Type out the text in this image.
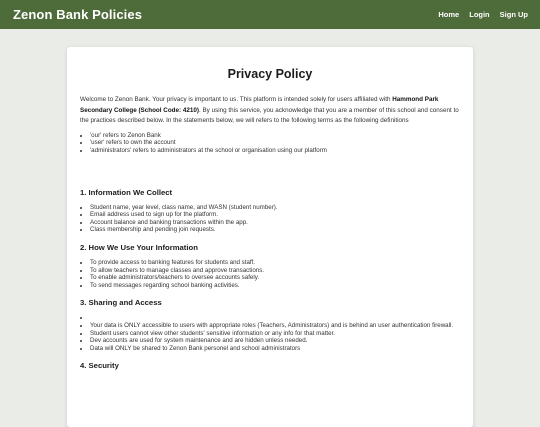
Zenon Bank Policies	Home Login Sign Up
Privacy Policy

Welcome to Zenon Bank. Your privacy is important to us. This platform is intended solely for users affiliated with Hammond Park Secondary College (School Code: 4210). By using this service, you acknowledge that you are a member of this school and consent to the practices described below. In the statements below, we will refers to the following terms as the following definitions

• 'our' refers to Zenon Bank
• 'user' refers to own the account
• 'administrators' refers to administrators at the school or organisation using our platform
1. Information We Collect
• Student name, year level, class name, and WASN (student number).
• Email address used to sign up for the platform.
• Account balance and banking transactions within the app.
• Class membership and pending join requests.
2. How We Use Your Information
• To provide access to banking features for students and staff.
• To allow teachers to manage classes and approve transactions.
• To enable administrators/teachers to oversee accounts safely.
• To send messages regarding school banking activities.
3. Sharing and Access
•
• Your data is ONLY accessible to users with appropriate roles (Teachers, Administrators) and is behind an user authentication firewall.
• Student users cannot view other students' sensitive information or any info for that matter.
• Dev accounts are used for system maintenance and are hidden unless needed.
• Data will ONLY be shared to Zenon Bank personel and school administrators
4. Security
